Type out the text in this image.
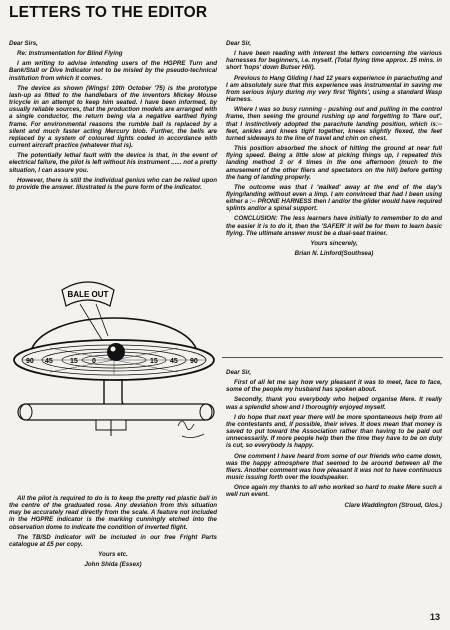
LETTERS TO THE EDITOR

Dear Sirs,

Re: Instrumentation for Blind Flying

I am writing to advise intending users of the HGPRE Turn and Bank/Stall or Dive Indicator not to be misled by the pseudo-technical institution from which it comes.

The device as shown (Wings! 10th October '75) is the prototype lash-up as fitted to the handlebars of the inventors Mickey Mouse tricycle in an attempt to keep him seated. I have been informed, by usually reliable sources, that the production models are arranged with a single conductor, the return being via a negative earthed flying frame. For environmental reasons the rumble ball is replaced by a silent and much faster acting Mercury blob. Further, the bells are replaced by a system of coloured lights coded in accordance with current aircraft practice (whatever that is).

The potentially lethal fault with the device is that, in the event of electrical failure, the pilot is left without his instrument ...... not a pretty situation, I can assure you.

However, there is still the individual genius who can be relied upon to provide the answer. Illustrated is the pure form of the indicator.

BALE OUT
90 45 15 0	15 45 90

All the pilot is required to do is to keep the pretty red plastic ball in the centre of the graduated rose. Any deviation from this situation may be accurately read directly from the scale. A feature not included in the HGPRE indicator is the marking cunningly etched into the observation dome to indicate the condition of inverted flight.

The TB/SD indicator will be included in our free Fright Parts catalogue at £5 per copy.

Yours etc.

John Shida (Essex)

Dear Sir,

I have been reading with interest the letters concerning the various harnesses for beginners, i.e. myself. (Total flying time approx. 15 mins. in short 'hops' down Butser Hill).

Previous to Hang Gliding I had 12 years experience in parachuting and I am absolutely sure that this experience was instrumental in saving me from serious injury during my very first 'flights', using a standard Wasp Harness.

Where I was so busy running - pushing out and pulling in the control frame, then seeing the ground rushing up and forgetting to 'flare out', that I instinctively adopted the parachute landing position, which is:-- feet, ankles and knees tight together, knees slightly flexed, the feet turned sideways to the line of travel and chin on chest.

This position absorbed the shock of hitting the ground at near full flying speed. Being a little slow at picking things up, I repeated this landing method 3 or 4 times in the one afternoon (much to the amusement of the other fliers and spectators on the hill) before getting the hang of landing properly.

The outcome was that I 'walked' away at the end of the day's flying/landing without even a limp. I am convinced that had I been using either a :-- PRONE HARNESS then I and/or the glider would have required splints and/or a spinal support.

CONCLUSION: The less learners have initially to remember to do and the easier it is to do it, then the 'SAFER' it will be for them to learn basic flying. The ultimate answer must be a dual-seat trainer.

Yours sincerely,

Brian N. Linford(Southsea)

Dear Sir,

First of all let me say how very pleasant it was to meet, face to face, some of the people my husband has spoken about.

Secondly, thank you everybody who helped organise Mere. It really was a splendid show and I thoroughly enjoyed myself.

I do hope that next year there will be more spontaneous help from all the contestants and, if possible, their wives. It does mean that money is saved to put toward the Association rather than having to be paid out unnecessarily. If more people help then the time they have to be on duty is cut, so everybody is happy.

One comment I have heard from some of our friends who came down, was the happy atmosphere that seemed to be around between all the fliers. Another comment was how pleasant it was not to have continuous music issuing forth over the loudspeaker.

Once again my thanks to all who worked so hard to make Mere such a well run event.

Clare Waddington (Stroud, Glos.)

13
